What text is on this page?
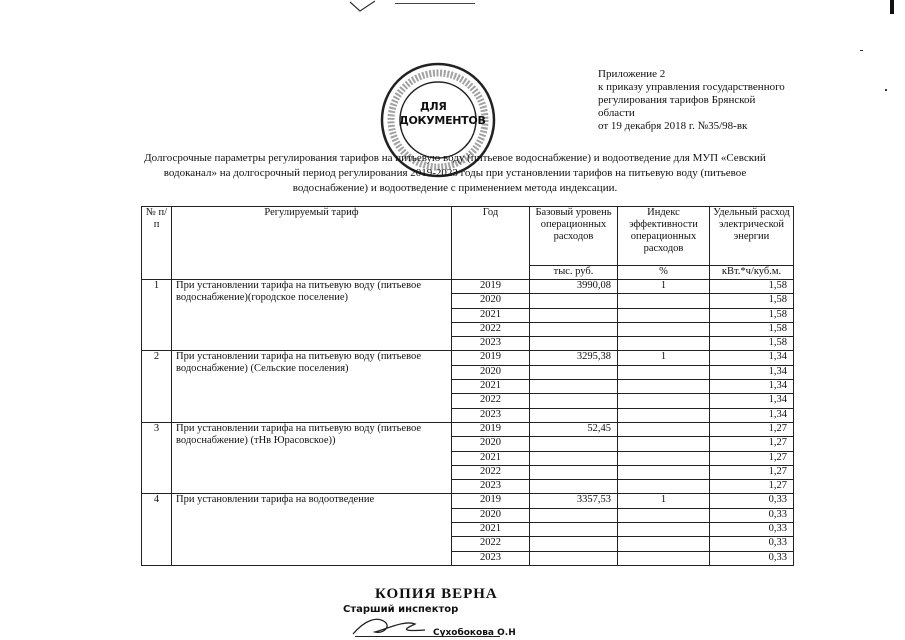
ДЛЯ
ДОКУМЕНТОВ
Приложение 2
к приказу управления государственного
регулирования тарифов Брянской
области
от 19 декабря 2018 г. №35/98-вк
Долгосрочные параметры регулирования тарифов на питьевую воду (питьевое водоснабжение) и водоотведение для МУП «Севский
водоканал» на долгосрочный период регулирования 2019-2023 годы при установлении тарифов на питьевую воду (питьевое
водоснабжение) и водоотведение с применением метода индексации.
№ п/п	Регулируемый тариф	Год	Базовый уровень операционных расходов	Индекс эффективности операционных расходов	Удельный расход электрической энергии
			тыс. руб.	%	кВт.*ч/куб.м.
1	При установлении тарифа на питьевую воду (питьевое водоснабжение)(городское поселение)	2019	3990,08	1	1,58
		2020			1,58
		2021			1,58
		2022			1,58
		2023			1,58
2	При установлении тарифа на питьевую воду (питьевое водоснабжение) (Сельские поселения)	2019	3295,38	1	1,34
		2020			1,34
		2021			1,34
		2022			1,34
		2023			1,34
3	При установлении тарифа на питьевую воду (питьевое водоснабжение) (тНв Юрасовское))	2019	52,45		1,27
		2020			1,27
		2021			1,27
		2022			1,27
		2023			1,27
4	При установлении тарифа на водоотведение	2019	3357,53	1	0,33
		2020			0,33
		2021			0,33
		2022			0,33
		2023			0,33
КОПИЯ ВЕРНА
Старший инспектор
Сухобокова О.Н
